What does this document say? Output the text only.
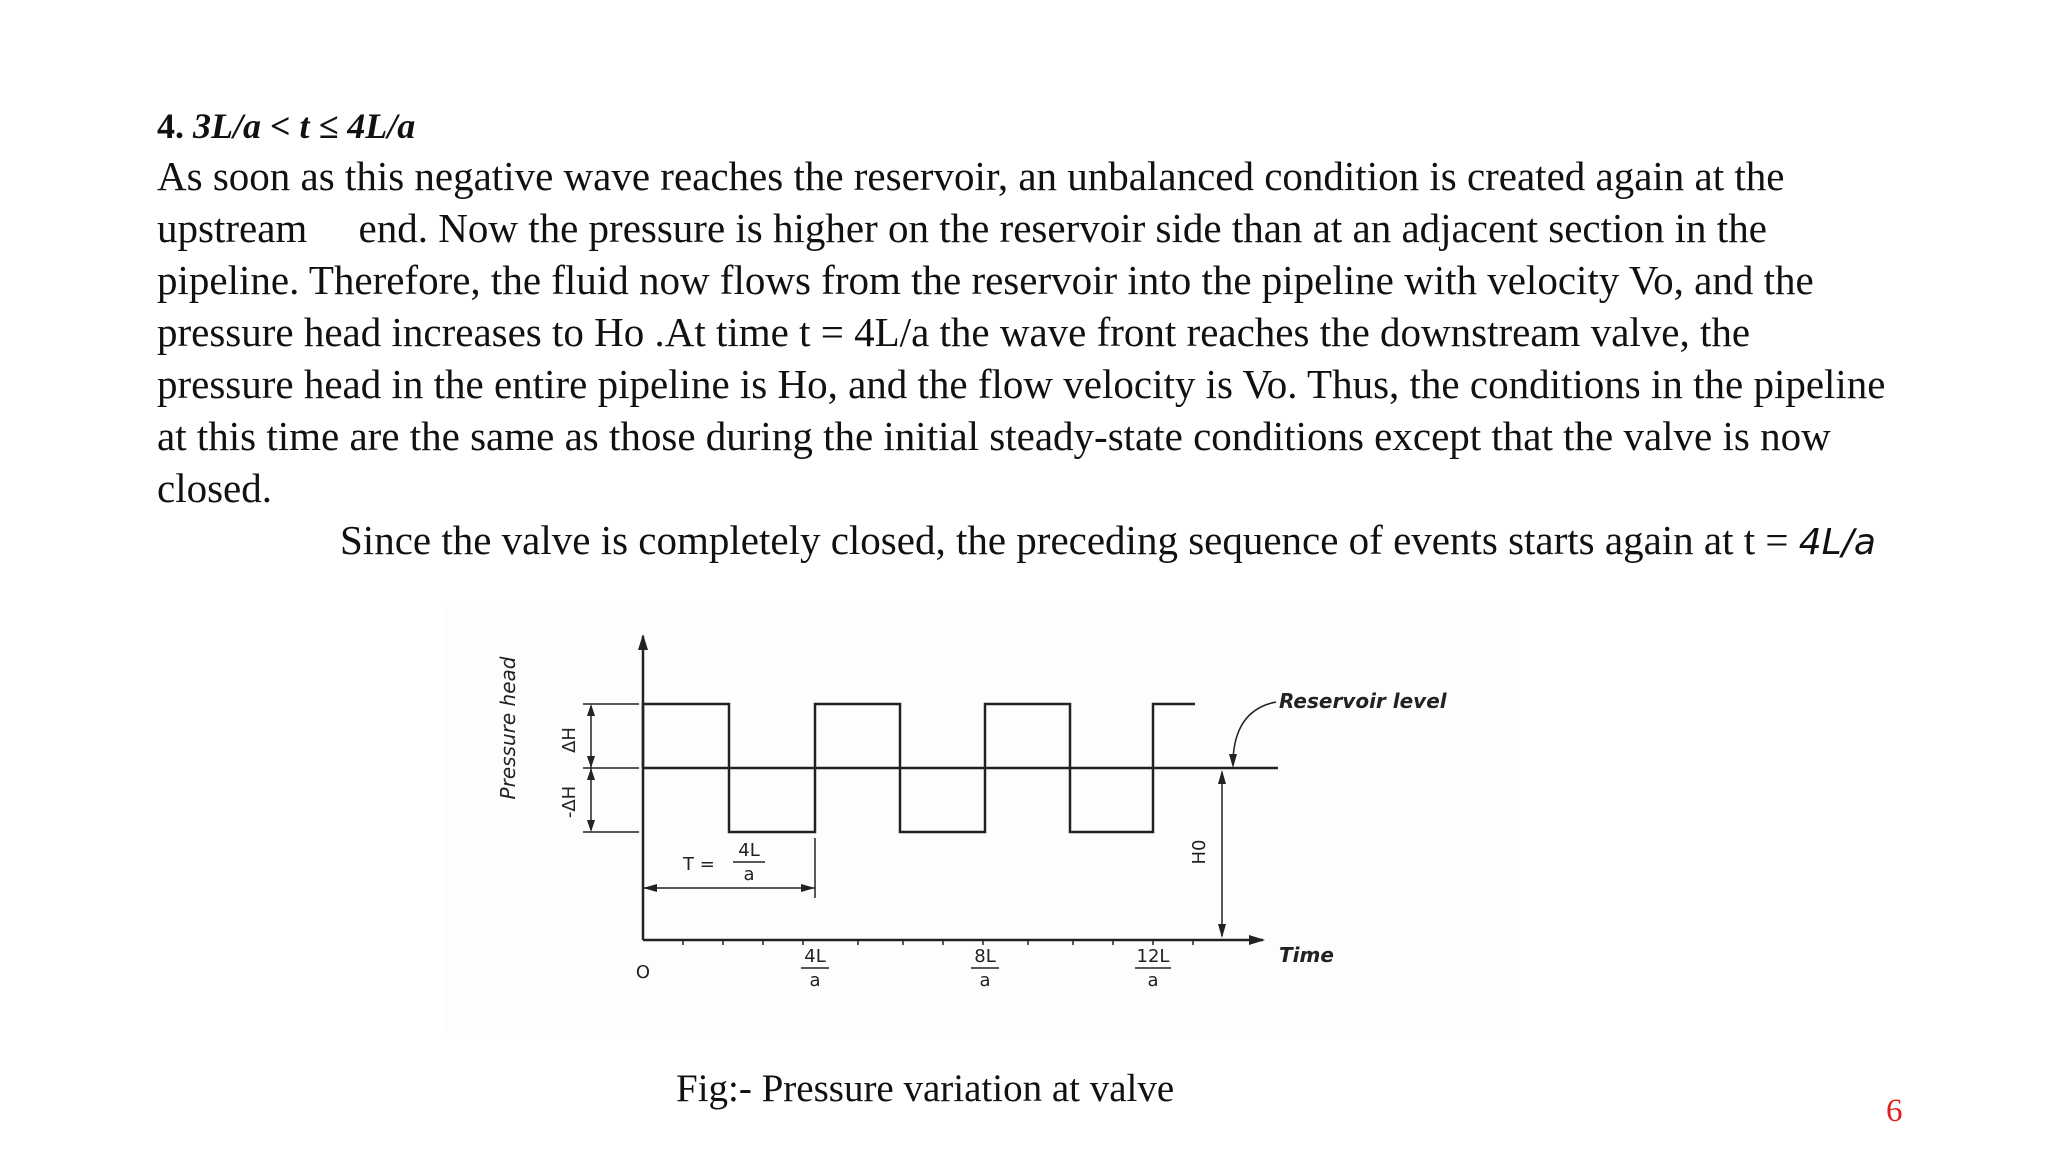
4. 3L/a < t ≤ 4L/a
As soon as this negative wave reaches the reservoir, an unbalanced condition is created again at the
upstream     end. Now the pressure is higher on the reservoir side than at an adjacent section in the
pipeline. Therefore, the fluid now flows from the reservoir into the pipeline with velocity Vo, and the
pressure head increases to Ho .At time t = 4L/a the wave front reaches the downstream valve, the
pressure head in the entire pipeline is Ho, and the flow velocity is Vo. Thus, the conditions in the pipeline
at this time are the same as those during the initial steady-state conditions except that the valve is now
closed.
Since the valve is completely closed, the preceding sequence of events starts again at t = 4L/a
ΔH
-ΔH
Pressure head
T =
4L
a
H0
Reservoir level
Time
O
4L
a
8L
a
12L
a
Fig:- Pressure variation at valve
6
